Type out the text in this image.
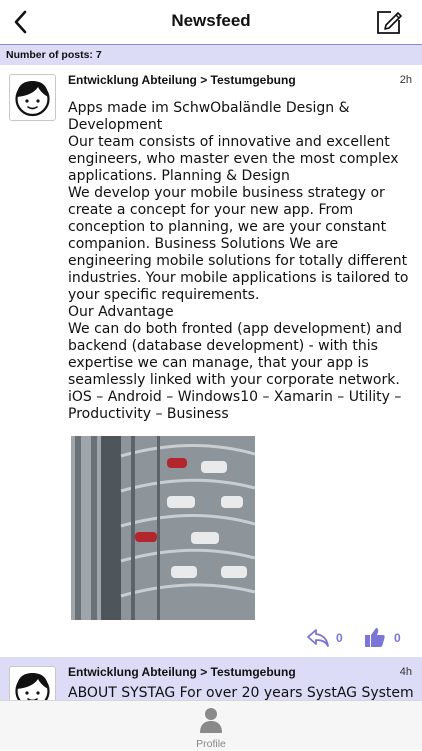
Newsfeed
Number of posts: 7
Entwicklung Abteilung > Testumgebung	2h

Apps made im SchwObaländle Design & Development
Our team consists of innovative and excellent engineers, who master even the most complex applications. Planning & Design
We develop your mobile business strategy or create a concept for your new app. From conception to planning, we are your constant companion. Business Solutions We are engineering mobile solutions for totally different industries. Your mobile applications is tailored to your specific requirements.
Our Advantage
We can do both fronted (app development) and backend (database development) - with this expertise we can manage, that your app is seamlessly linked with your corporate network. iOS – Android – Windows10 – Xamarin – Utility – Productivity – Business

0	0
Entwicklung Abteilung > Testumgebung	4h

ABOUT SYSTAG For over 20 years SystAG System

Profile
